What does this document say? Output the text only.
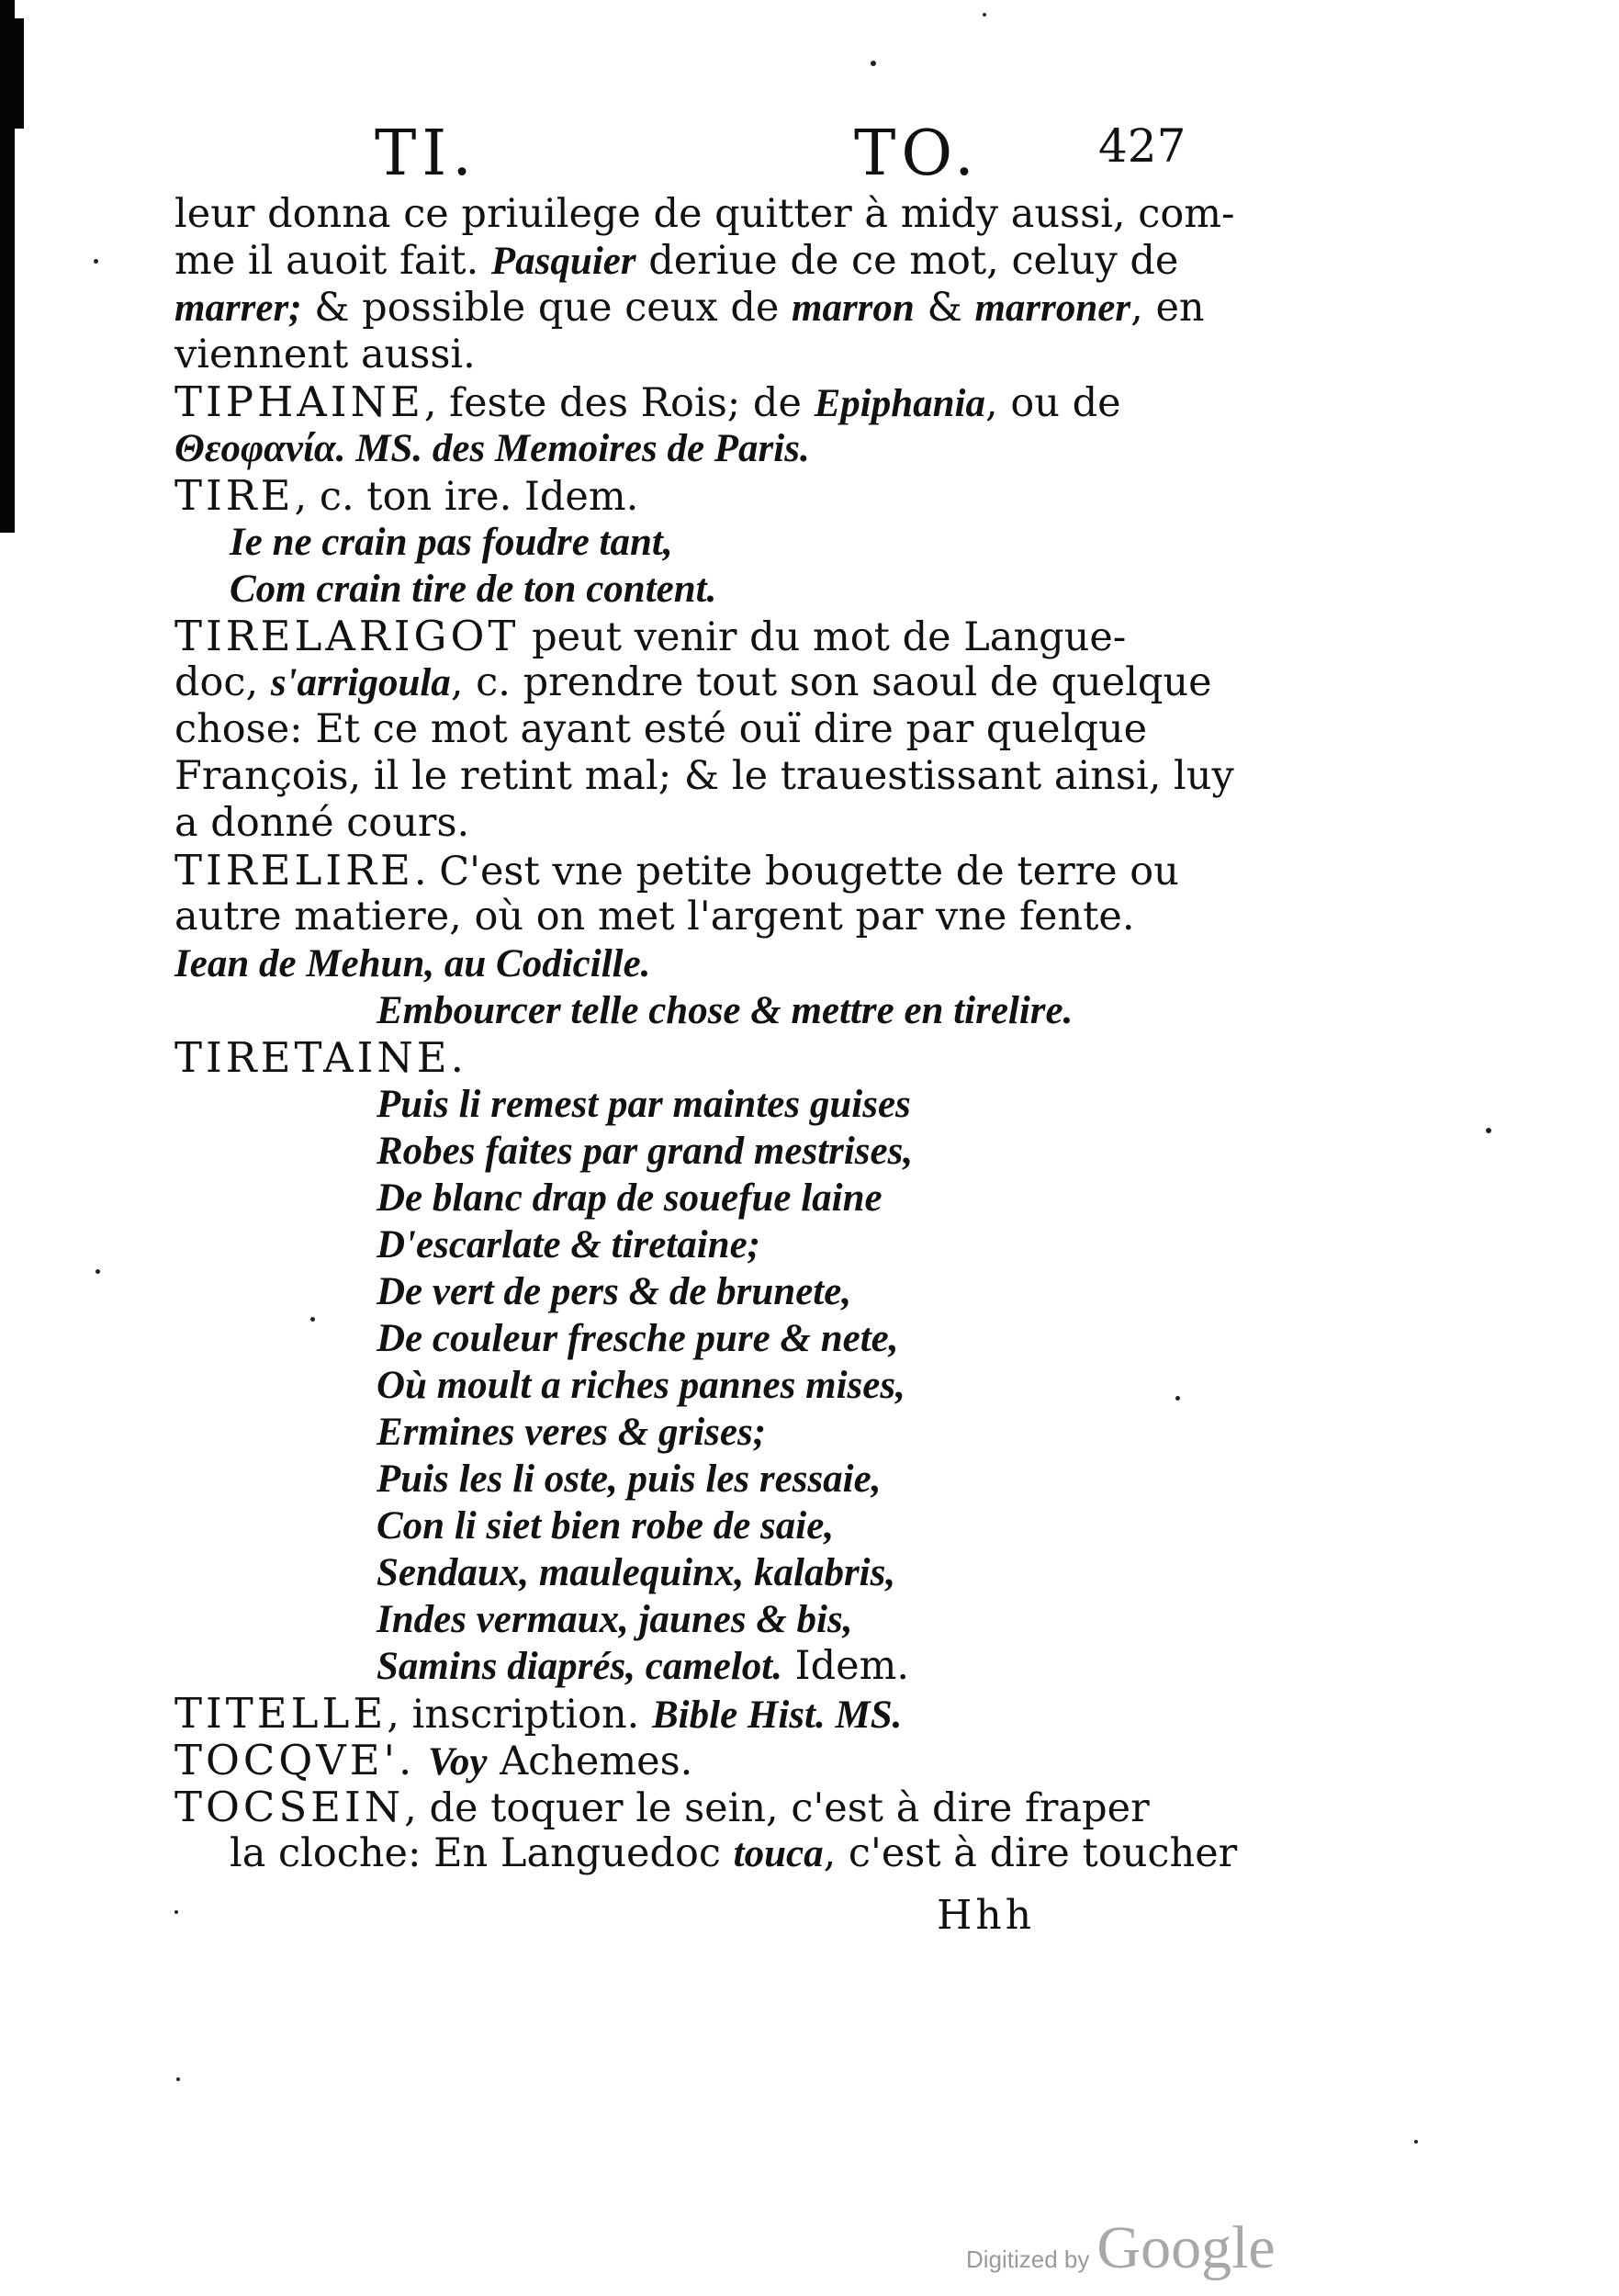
TI.	TO.	427
leur donna ce priuilege de quitter à midy aussi, com-
me il auoit fait. Pasquier deriue de ce mot, celuy de
marrer; & possible que ceux de marron & marroner, en
viennent aussi.
TIPHAINE, feste des Rois; de Epiphania, ou de
Θεοφανία. MS. des Memoires de Paris.
TIRE, c. ton ire. Idem.
Ie ne crain pas foudre tant,
Com crain tire de ton content.
TIRELARIGOT peut venir du mot de Langue-
doc, s'arrigoula, c. prendre tout son saoul de quelque
chose: Et ce mot ayant esté ouï dire par quelque
François, il le retint mal; & le trauestissant ainsi, luy
a donné cours.
TIRELIRE. C'est vne petite bougette de terre ou
autre matiere, où on met l'argent par vne fente.
Iean de Mehun, au Codicille.
Embourcer telle chose & mettre en tirelire.
TIRETAINE.
Puis li remest par maintes guises
Robes faites par grand mestrises,
De blanc drap de souefue laine
D'escarlate & tiretaine;
De vert de pers & de brunete,
De couleur fresche pure & nete,
Où moult a riches pannes mises,
Ermines veres & grises;
Puis les li oste, puis les ressaie,
Con li siet bien robe de saie,
Sendaux, maulequinx, kalabris,
Indes vermaux, jaunes & bis,
Samins diaprés, camelot. Idem.
TITELLE, inscription. Bible Hist. MS.
TOCQVE'. Voy Achemes.
TOCSEIN, de toquer le sein, c'est à dire fraper
la cloche: En Languedoc touca, c'est à dire toucher
Hhh
Digitized by Google
